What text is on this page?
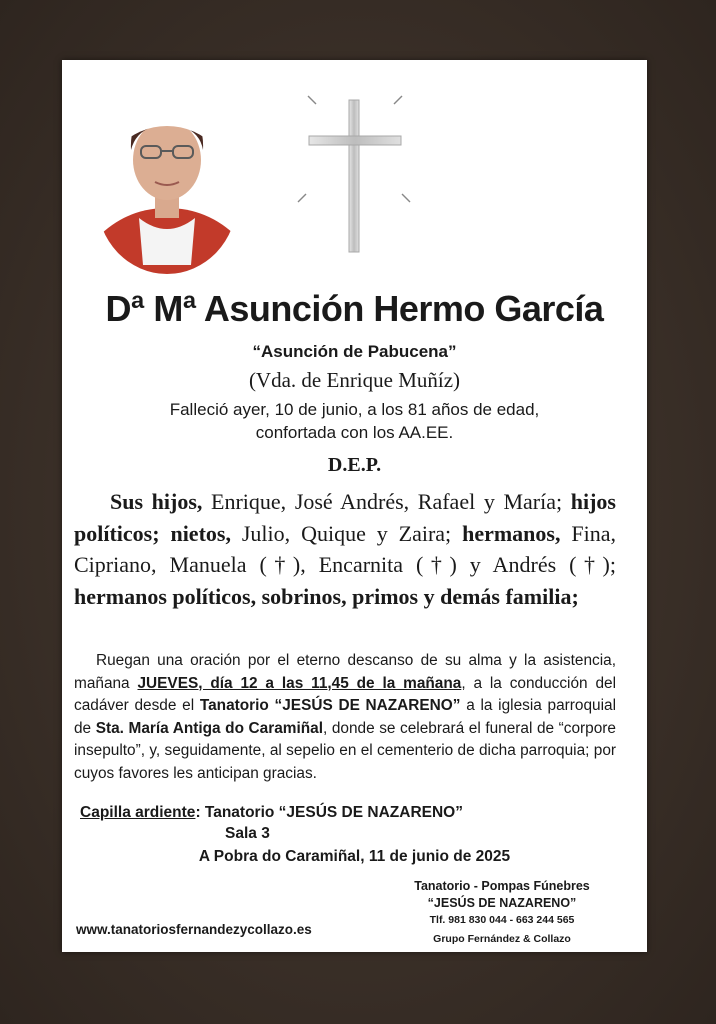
Dª Mª Asunción Hermo García
“Asunción de Pabucena”
(Vda. de Enrique Muñíz)
Falleció ayer, 10 de junio, a los 81 años de edad,
confortada con los AA.EE.
D.E.P.
Sus hijos, Enrique, José Andrés, Rafael y María; hijos políticos; nietos, Julio, Quique y Zaira; hermanos, Fina, Cipriano, Manuela (†), Encarnita (†) y Andrés (†); hermanos políticos, sobrinos, primos y demás familia;
Ruegan una oración por el eterno descanso de su alma y la asistencia, mañana JUEVES, día 12 a las 11,45 de la mañana, a la conducción del cadáver desde el Tanatorio “JESÚS DE NAZARENO” a la iglesia parroquial de Sta. María Antiga do Caramiñal, donde se celebrará el funeral de “corpore insepulto”, y, seguidamente, al sepelio en el cementerio de dicha parroquia; por cuyos favores les anticipan gracias.
Capilla ardiente: Tanatorio “JESÚS DE NAZARENO”
Sala 3
A Pobra do Caramiñal, 11 de junio de 2025
www.tanatoriosfernandezycollazo.es
Tanatorio - Pompas Fúnebres
“JESÚS DE NAZARENO”
Tlf. 981 830 044 - 663 244 565
Grupo Fernández & Collazo
